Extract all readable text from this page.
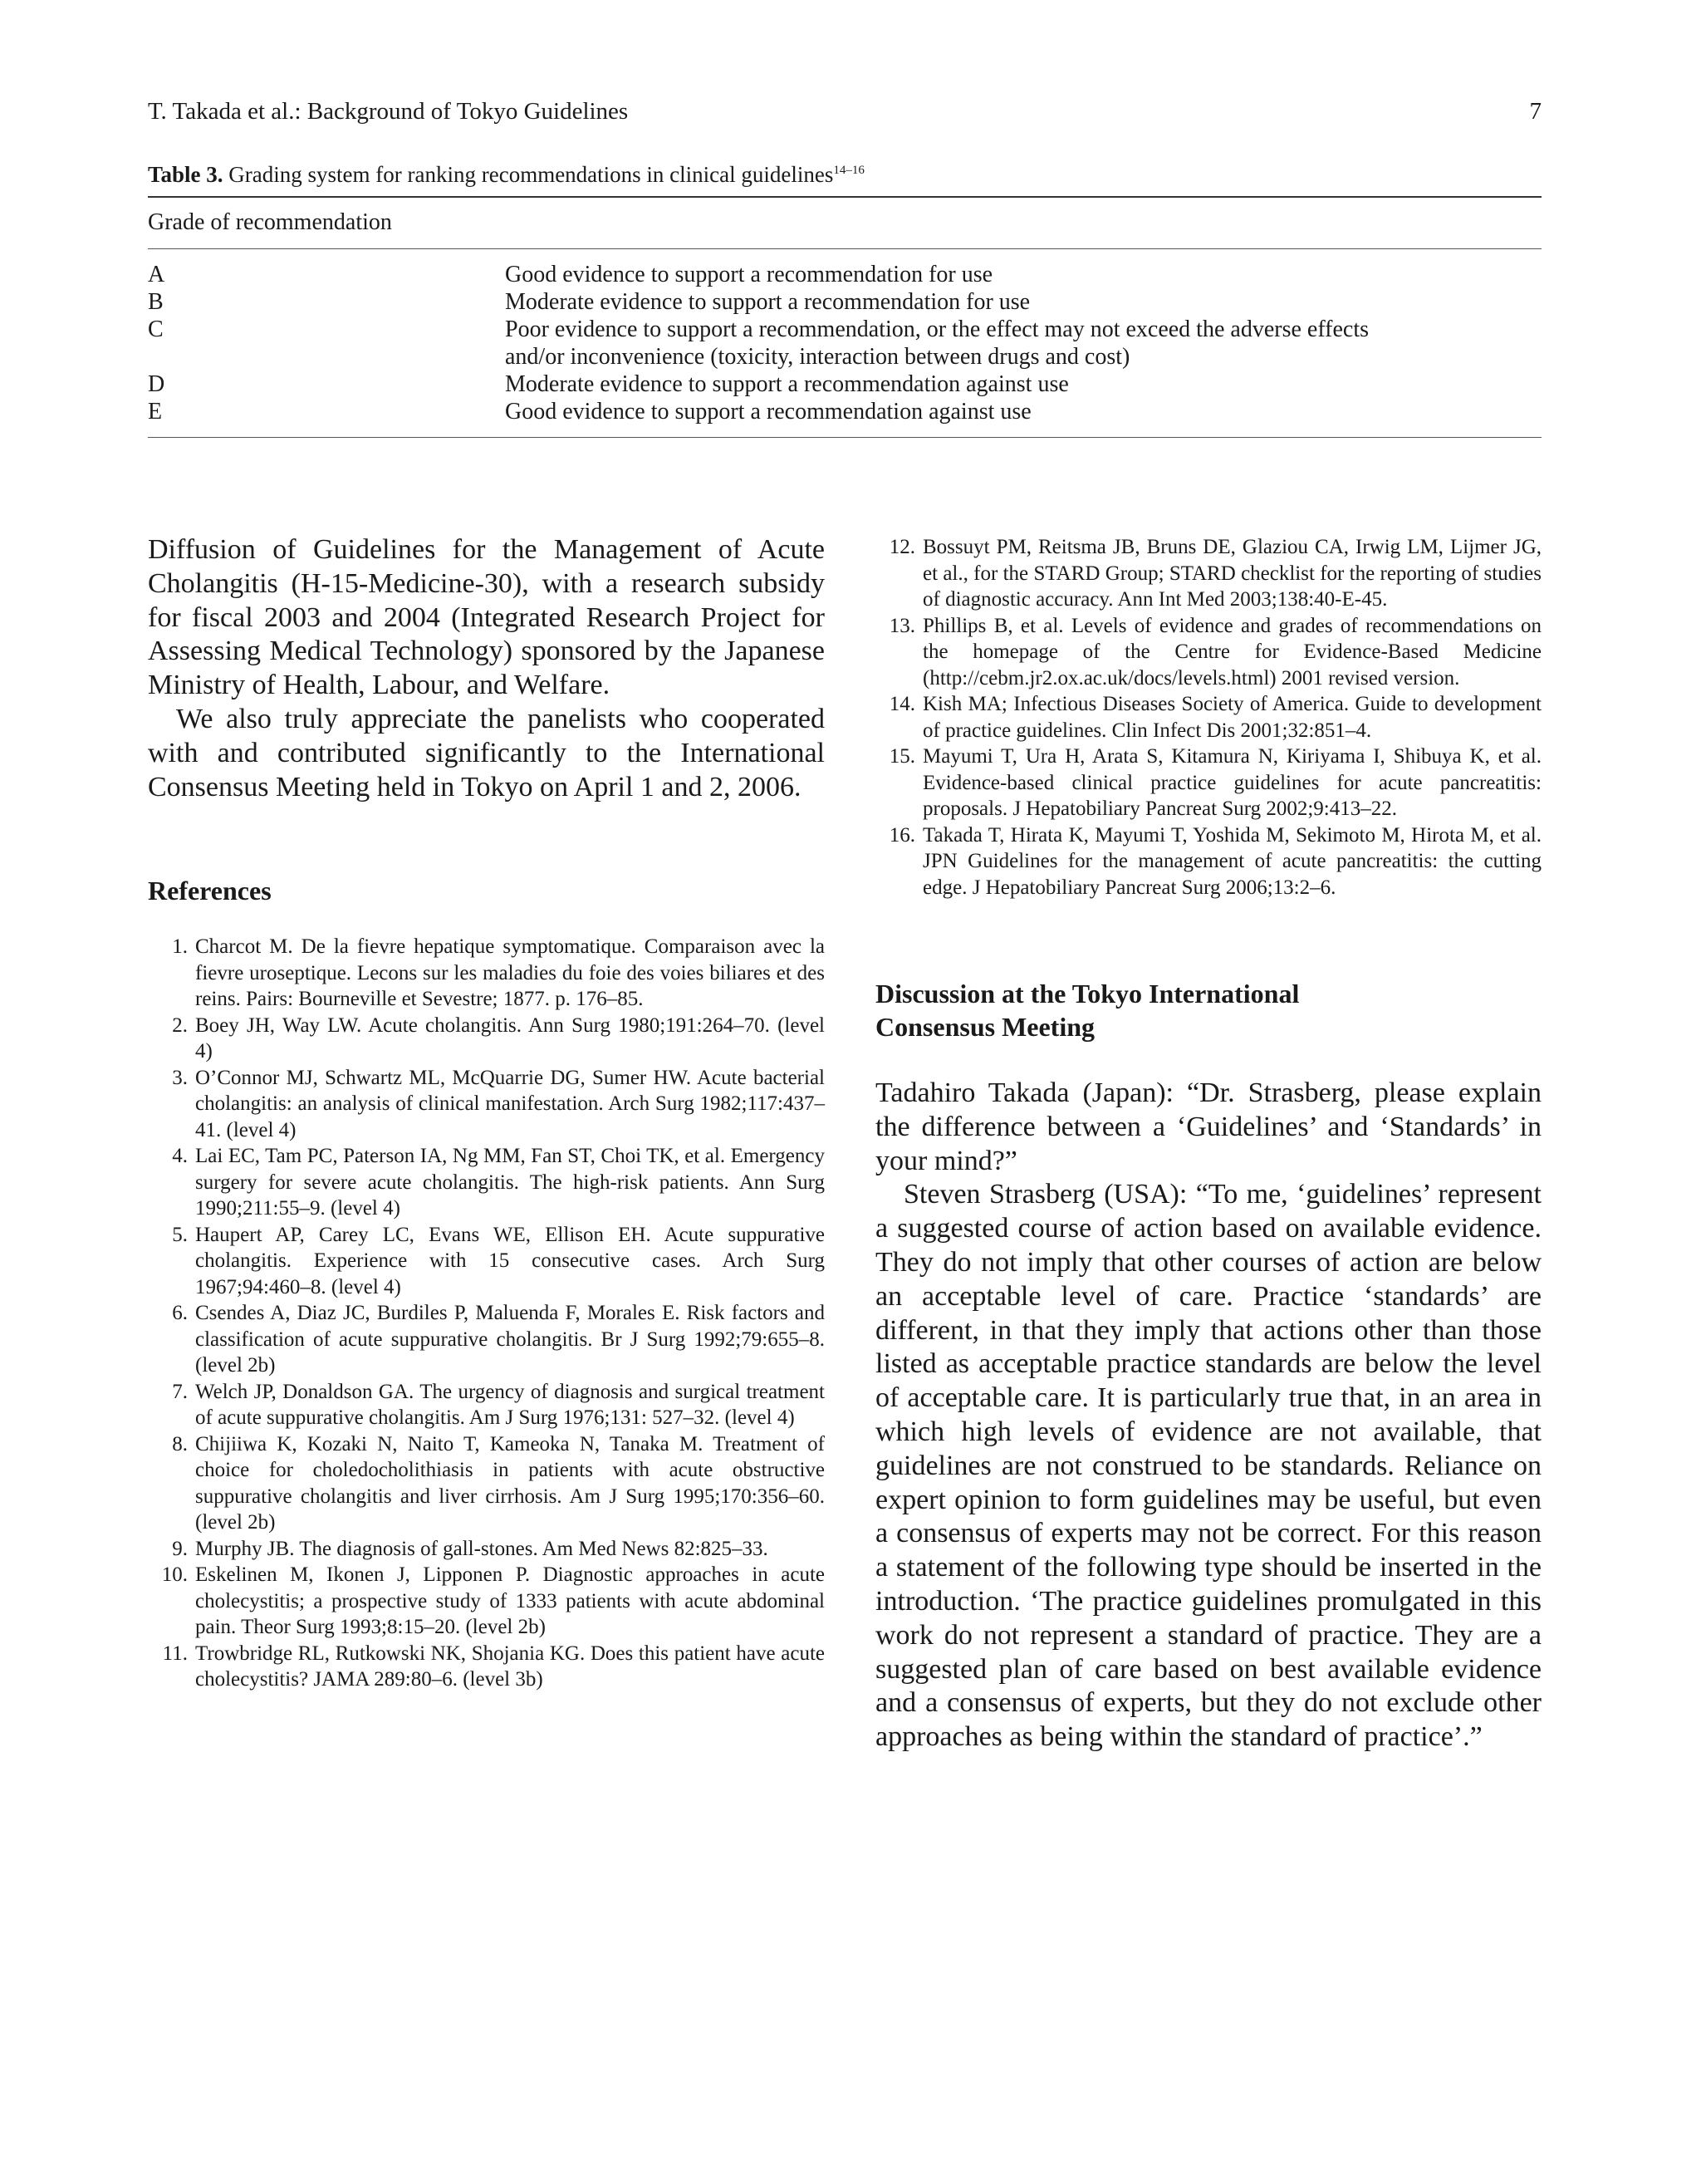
T. Takada et al.: Background of Tokyo Guidelines	7
Table 3. Grading system for ranking recommendations in clinical guidelines$^{14-16}$
Grade of recommendation
A	Good evidence to support a recommendation for use
B	Moderate evidence to support a recommendation for use
C	Poor evidence to support a recommendation, or the effect may not exceed the adverse effects
and/or inconvenience (toxicity, interaction between drugs and cost)
D	Moderate evidence to support a recommendation against use
E	Good evidence to support a recommendation against use

Diffusion of Guidelines for the Management of Acute Cholangitis (H-15-Medicine-30), with a research subsidy for fiscal 2003 and 2004 (Integrated Research Project for Assessing Medical Technology) sponsored by the Japanese Ministry of Health, Labour, and Welfare.

We also truly appreciate the panelists who cooperated with and contributed significantly to the International Consensus Meeting held in Tokyo on April 1 and 2, 2006.

References
1. Charcot M. De la fievre hepatique symptomatique. Comparaison avec la fievre uroseptique. Lecons sur les maladies du foie des voies biliares et des reins. Pairs: Bourneville et Sevestre; 1877. p. 176–85.
2. Boey JH, Way LW. Acute cholangitis. Ann Surg 1980;191:264–70. (level 4)
3. O’Connor MJ, Schwartz ML, McQuarrie DG, Sumer HW. Acute bacterial cholangitis: an analysis of clinical manifestation. Arch Surg 1982;117:437–41. (level 4)
4. Lai EC, Tam PC, Paterson IA, Ng MM, Fan ST, Choi TK, et al. Emergency surgery for severe acute cholangitis. The high-risk patients. Ann Surg 1990;211:55–9. (level 4)
5. Haupert AP, Carey LC, Evans WE, Ellison EH. Acute suppurative cholangitis. Experience with 15 consecutive cases. Arch Surg 1967;94:460–8. (level 4)
6. Csendes A, Diaz JC, Burdiles P, Maluenda F, Morales E. Risk factors and classification of acute suppurative cholangitis. Br J Surg 1992;79:655–8. (level 2b)
7. Welch JP, Donaldson GA. The urgency of diagnosis and surgical treatment of acute suppurative cholangitis. Am J Surg 1976;131: 527–32. (level 4)
8. Chijiiwa K, Kozaki N, Naito T, Kameoka N, Tanaka M. Treatment of choice for choledocholithiasis in patients with acute obstructive suppurative cholangitis and liver cirrhosis. Am J Surg 1995;170:356–60. (level 2b)
9. Murphy JB. The diagnosis of gall-stones. Am Med News 82:825–33.
10. Eskelinen M, Ikonen J, Lipponen P. Diagnostic approaches in acute cholecystitis; a prospective study of 1333 patients with acute abdominal pain. Theor Surg 1993;8:15–20. (level 2b)
11. Trowbridge RL, Rutkowski NK, Shojania KG. Does this patient have acute cholecystitis? JAMA 289:80–6. (level 3b)
12. Bossuyt PM, Reitsma JB, Bruns DE, Glaziou CA, Irwig LM, Lijmer JG, et al., for the STARD Group; STARD checklist for the reporting of studies of diagnostic accuracy. Ann Int Med 2003;138:40-E-45.
13. Phillips B, et al. Levels of evidence and grades of recommendations on the homepage of the Centre for Evidence-Based Medicine (http://cebm.jr2.ox.ac.uk/docs/levels.html) 2001 revised version.
14. Kish MA; Infectious Diseases Society of America. Guide to development of practice guidelines. Clin Infect Dis 2001;32:851–4.
15. Mayumi T, Ura H, Arata S, Kitamura N, Kiriyama I, Shibuya K, et al. Evidence-based clinical practice guidelines for acute pancreatitis: proposals. J Hepatobiliary Pancreat Surg 2002;9:413–22.
16. Takada T, Hirata K, Mayumi T, Yoshida M, Sekimoto M, Hirota M, et al. JPN Guidelines for the management of acute pancreatitis: the cutting edge. J Hepatobiliary Pancreat Surg 2006;13:2–6.
Discussion at the Tokyo International
Consensus Meeting

Tadahiro Takada (Japan): “Dr. Strasberg, please explain the difference between a ‘Guidelines’ and ‘Standards’ in your mind?”

Steven Strasberg (USA): “To me, ‘guidelines’ represent a suggested course of action based on available evidence. They do not imply that other courses of action are below an acceptable level of care. Practice ‘standards’ are different, in that they imply that actions other than those listed as acceptable practice standards are below the level of acceptable care. It is particularly true that, in an area in which high levels of evidence are not available, that guidelines are not construed to be standards. Reliance on expert opinion to form guidelines may be useful, but even a consensus of experts may not be correct. For this reason a statement of the following type should be inserted in the introduction. ‘The practice guidelines promulgated in this work do not represent a standard of practice. They are a suggested plan of care based on best available evidence and a consensus of experts, but they do not exclude other approaches as being within the standard of practice’.”
